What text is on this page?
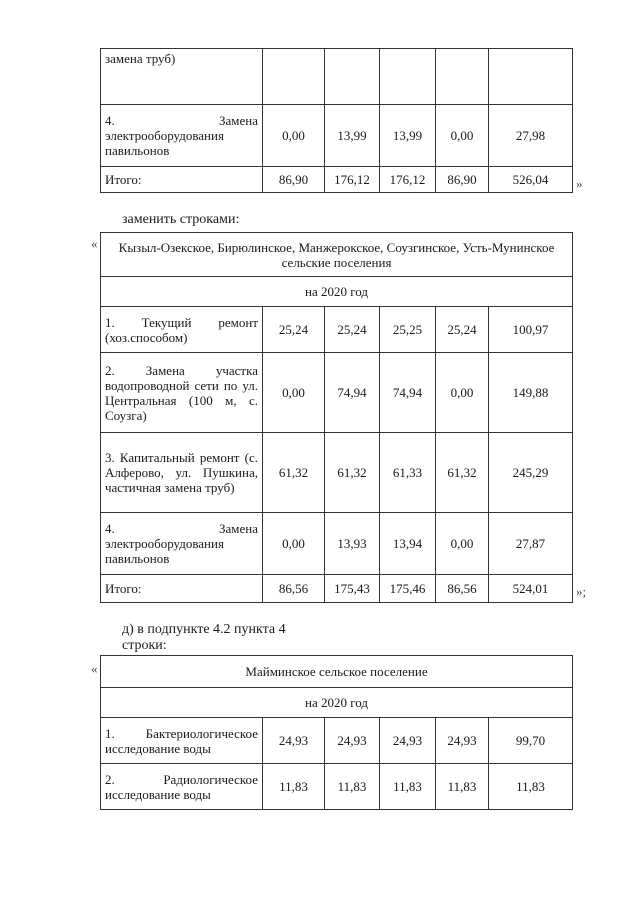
замена труб)					

4. Замена электрооборудования павильонов	0,00	13,99	13,99	0,00	27,98
Итого:	86,90	176,12	176,12	86,90	526,04 »
заменить строками:
« Кызыл-Озекское, Бирюлинское, Манжерокское, Соузгинское, Усть-Мунинское сельские поселения					
на 2020 год					

1. Текущий ремонт (хоз.способом)	25,24	25,24	25,25	25,24	100,97

2. Замена участка водопроводной сети по ул. Центральная (100 м, с. Соузга)	0,00	74,94	74,94	0,00	149,88

3. Капитальный ремонт (с. Алферово, ул. Пушкина, частичная замена труб)	61,32	61,32	61,33	61,32	245,29

4. Замена электрооборудования павильонов	0,00	13,93	13,94	0,00	27,87
Итого:	86,56	175,43	175,46	86,56	524,01 »;
д) в подпункте 4.2 пункта 4
строки:
«	Майминское сельское поселение					
на 2020 год					

1. Бактериологическое исследование воды	24,93	24,93	24,93	24,93	99,70

2. Радиологическое исследование воды	11,83	11,83	11,83	11,83	11,83
